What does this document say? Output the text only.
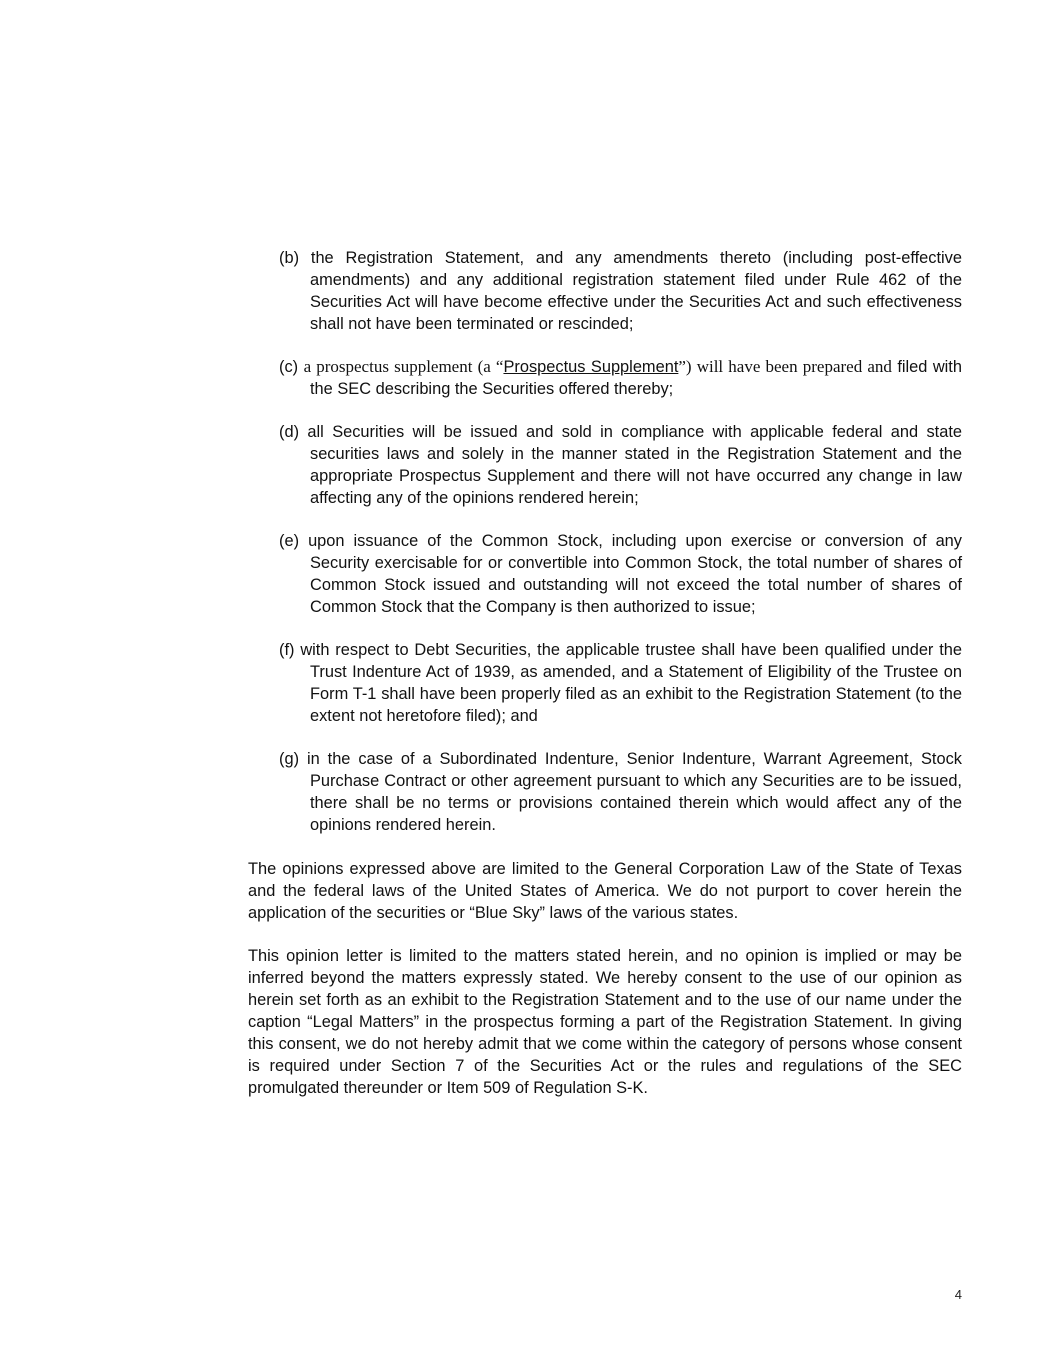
(b) the Registration Statement, and any amendments thereto (including post-effective amendments) and any additional registration statement filed under Rule 462 of the Securities Act will have become effective under the Securities Act and such effectiveness shall not have been terminated or rescinded;
(c) a prospectus supplement (a “Prospectus Supplement”) will have been prepared and filed with the SEC describing the Securities offered thereby;
(d) all Securities will be issued and sold in compliance with applicable federal and state securities laws and solely in the manner stated in the Registration Statement and the appropriate Prospectus Supplement and there will not have occurred any change in law affecting any of the opinions rendered herein;
(e) upon issuance of the Common Stock, including upon exercise or conversion of any Security exercisable for or convertible into Common Stock, the total number of shares of Common Stock issued and outstanding will not exceed the total number of shares of Common Stock that the Company is then authorized to issue;
(f) with respect to Debt Securities, the applicable trustee shall have been qualified under the Trust Indenture Act of 1939, as amended, and a Statement of Eligibility of the Trustee on Form T-1 shall have been properly filed as an exhibit to the Registration Statement (to the extent not heretofore filed); and
(g) in the case of a Subordinated Indenture, Senior Indenture, Warrant Agreement, Stock Purchase Contract or other agreement pursuant to which any Securities are to be issued, there shall be no terms or provisions contained therein which would affect any of the opinions rendered herein.

The opinions expressed above are limited to the General Corporation Law of the State of Texas and the federal laws of the United States of America. We do not purport to cover herein the application of the securities or “Blue Sky” laws of the various states.

This opinion letter is limited to the matters stated herein, and no opinion is implied or may be inferred beyond the matters expressly stated. We hereby consent to the use of our opinion as herein set forth as an exhibit to the Registration Statement and to the use of our name under the caption “Legal Matters” in the prospectus forming a part of the Registration Statement. In giving this consent, we do not hereby admit that we come within the category of persons whose consent is required under Section 7 of the Securities Act or the rules and regulations of the SEC promulgated thereunder or Item 509 of Regulation S-K.

4
